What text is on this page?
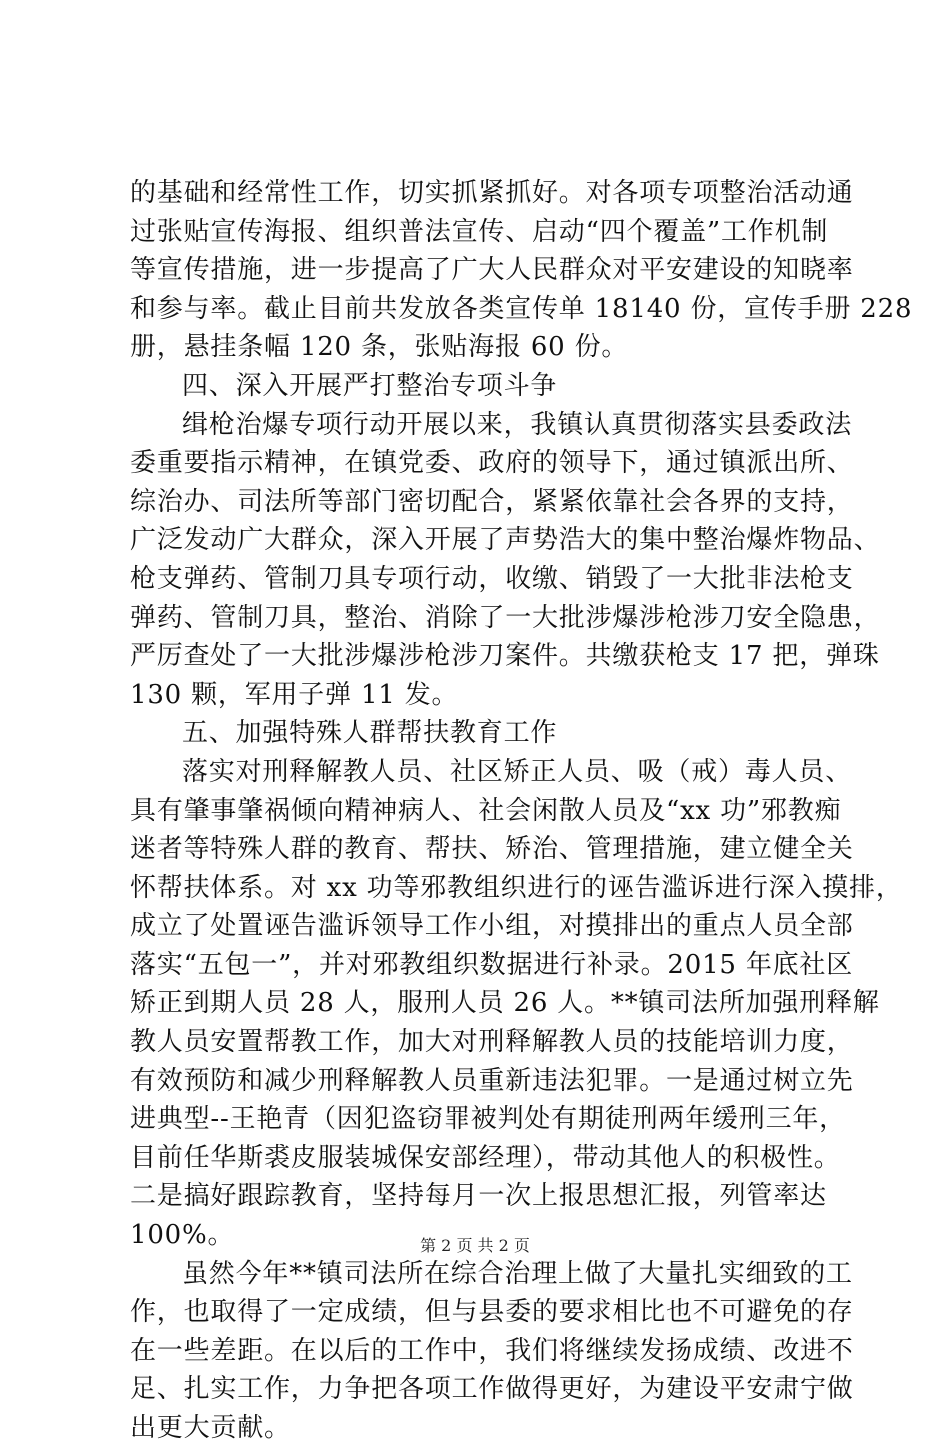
的基础和经常性工作，切实抓紧抓好。对各项专项整治活动通
过张贴宣传海报、组织普法宣传、启动“四个覆盖”工作机制
等宣传措施，进一步提高了广大人民群众对平安建设的知晓率
和参与率。截止目前共发放各类宣传单 18140 份，宣传手册 228
册，悬挂条幅 120 条，张贴海报 60 份。
四、深入开展严打整治专项斗争
缉枪治爆专项行动开展以来，我镇认真贯彻落实县委政法
委重要指示精神，在镇党委、政府的领导下，通过镇派出所、
综治办、司法所等部门密切配合，紧紧依靠社会各界的支持，
广泛发动广大群众，深入开展了声势浩大的集中整治爆炸物品、
枪支弹药、管制刀具专项行动，收缴、销毁了一大批非法枪支
弹药、管制刀具，整治、消除了一大批涉爆涉枪涉刀安全隐患，
严厉查处了一大批涉爆涉枪涉刀案件。共缴获枪支 17 把，弹珠
130 颗，军用子弹 11 发。
五、加强特殊人群帮扶教育工作
落实对刑释解教人员、社区矫正人员、吸（戒）毒人员、
具有肇事肇祸倾向精神病人、社会闲散人员及“xx 功”邪教痴
迷者等特殊人群的教育、帮扶、矫治、管理措施，建立健全关
怀帮扶体系。对 xx 功等邪教组织进行的诬告滥诉进行深入摸排，
成立了处置诬告滥诉领导工作小组，对摸排出的重点人员全部
落实“五包一”，并对邪教组织数据进行补录。2015 年底社区
矫正到期人员 28 人，服刑人员 26 人。**镇司法所加强刑释解
教人员安置帮教工作，加大对刑释解教人员的技能培训力度，
有效预防和减少刑释解教人员重新违法犯罪。一是通过树立先
进典型--王艳青（因犯盗窃罪被判处有期徒刑两年缓刑三年，
目前任华斯裘皮服装城保安部经理），带动其他人的积极性。
二是搞好跟踪教育，坚持每月一次上报思想汇报，列管率达
100%。
虽然今年**镇司法所在综合治理上做了大量扎实细致的工
作，也取得了一定成绩，但与县委的要求相比也不可避免的存
在一些差距。在以后的工作中，我们将继续发扬成绩、改进不
足、扎实工作，力争把各项工作做得更好，为建设平安肃宁做
出更大贡献。
第 2 页 共 2 页
